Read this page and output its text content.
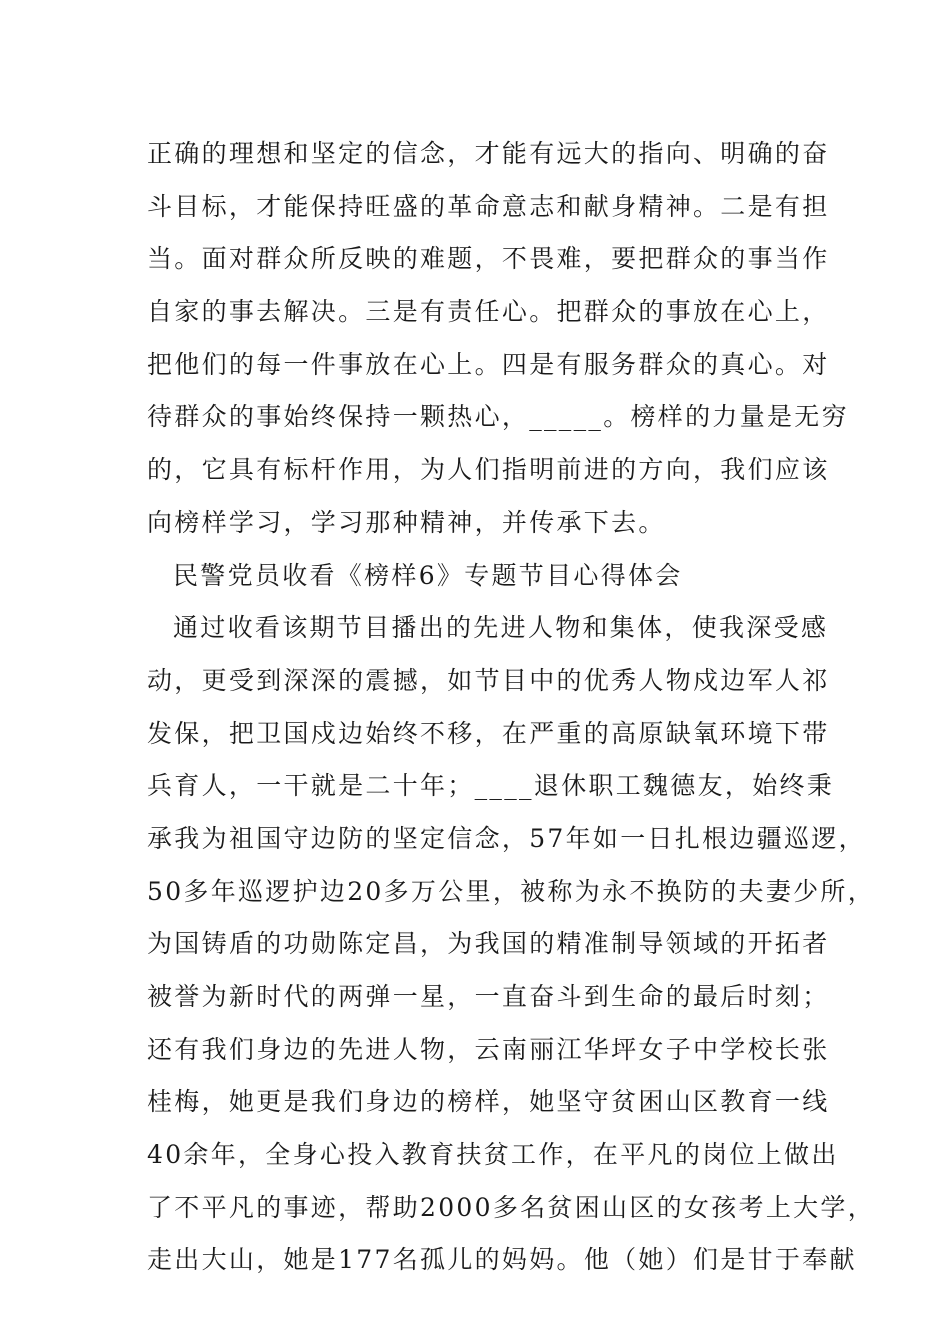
正确的理想和坚定的信念，才能有远大的指向、明确的奋
斗目标，才能保持旺盛的革命意志和献身精神。二是有担
当。面对群众所反映的难题，不畏难，要把群众的事当作
自家的事去解决。三是有责任心。把群众的事放在心上，
把他们的每一件事放在心上。四是有服务群众的真心。对
待群众的事始终保持一颗热心，_____。榜样的力量是无穷
的，它具有标杆作用，为人们指明前进的方向，我们应该
向榜样学习，学习那种精神，并传承下去。
民警党员收看《榜样6》专题节目心得体会
通过收看该期节目播出的先进人物和集体，使我深受感
动，更受到深深的震撼，如节目中的优秀人物戍边军人祁
发保，把卫国戍边始终不移，在严重的高原缺氧环境下带
兵育人，一干就是二十年；____退休职工魏德友，始终秉
承我为祖国守边防的坚定信念，57年如一日扎根边疆巡逻，
50多年巡逻护边20多万公里，被称为永不换防的夫妻少所，
为国铸盾的功勋陈定昌，为我国的精准制导领域的开拓者
被誉为新时代的两弹一星，一直奋斗到生命的最后时刻；
还有我们身边的先进人物，云南丽江华坪女子中学校长张
桂梅，她更是我们身边的榜样，她坚守贫困山区教育一线
40余年，全身心投入教育扶贫工作，在平凡的岗位上做出
了不平凡的事迹，帮助2000多名贫困山区的女孩考上大学，
走出大山，她是177名孤儿的妈妈。他（她）们是甘于奉献
